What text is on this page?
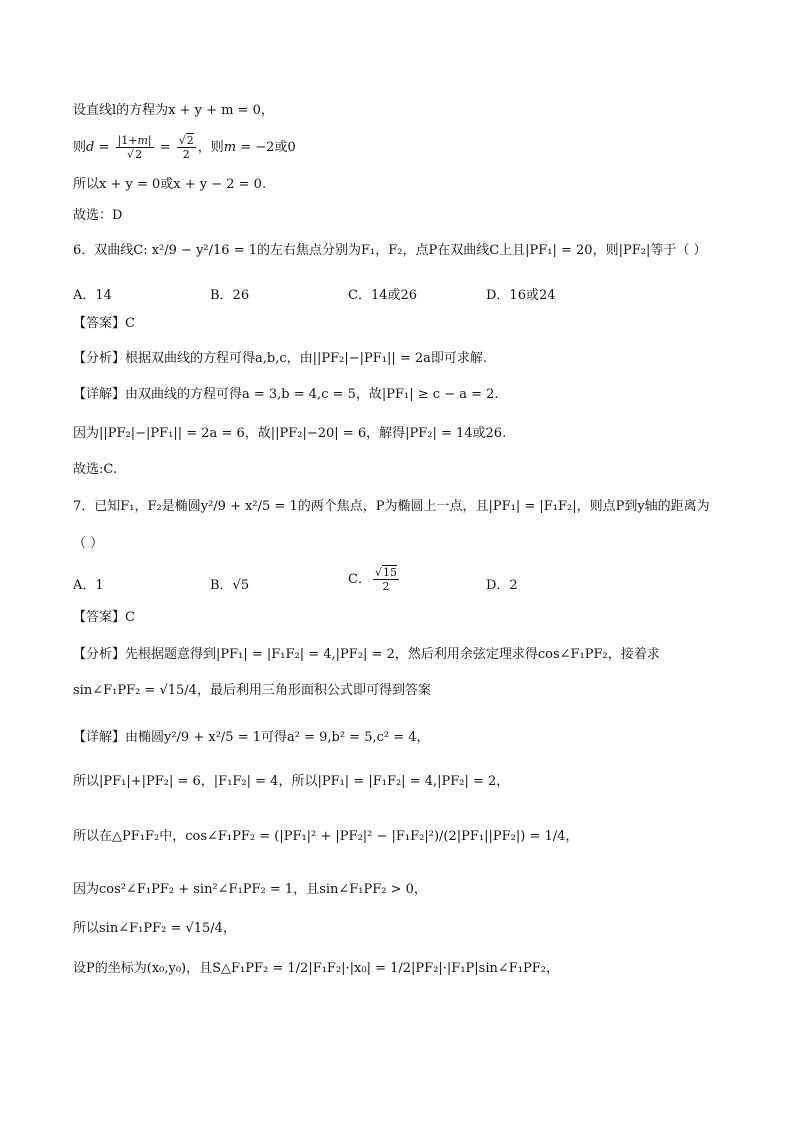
设直线l的方程为x + y + m = 0，
则$d = \frac{|1+m|}{√2} = \frac{√2}{2}$ ，则m = −2或0
所以x + y = 0或x + y − 2 = 0.
故选：D
6．双曲线C: x²/9 − y²/16 = 1的左右焦点分别为F₁，F₂，点P在双曲线C上且|PF₁| = 20，则|PF₂|等于（ ）
A．14	B．26	C．14或26	D．16或24
【答案】C
【分析】根据双曲线的方程可得a,b,c，由||PF₂|−|PF₁|| = 2a即可求解.
【详解】由双曲线的方程可得a = 3,b = 4,c = 5，故|PF₁| ≥ c − a = 2.
因为||PF₂|−|PF₁|| = 2a = 6，故||PF₂|−20| = 6，解得|PF₂| = 14或26.
故选:C.
7．已知F₁，F₂是椭圆y²/9 + x²/5 = 1的两个焦点，P为椭圆上一点，且|PF₁| = |F₁F₂|，则点P到y轴的距离为
（ ）
A．1	B．√5	C． $\frac{√15}{2}$	D．2
【答案】C
【分析】先根据题意得到|PF₁| = |F₁F₂| = 4,|PF₂| = 2，然后利用余弦定理求得cos∠F₁PF₂，接着求
sin∠F₁PF₂ = √15/4，最后利用三角形面积公式即可得到答案
【详解】由椭圆y²/9 + x²/5 = 1可得a² = 9,b² = 5,c² = 4，
所以|PF₁|+|PF₂| = 6，|F₁F₂| = 4，所以|PF₁| = |F₁F₂| = 4,|PF₂| = 2，
所以在△PF₁F₂中，cos∠F₁PF₂ = (|PF₁|² + |PF₂|² − |F₁F₂|²)/(2|PF₁||PF₂|) = 1/4，
因为cos²∠F₁PF₂ + sin²∠F₁PF₂ = 1，且sin∠F₁PF₂ > 0，
所以sin∠F₁PF₂ = √15/4，
设P的坐标为(x₀,y₀)，且S△F₁PF₂ = 1/2|F₁F₂|·|x₀| = 1/2|PF₂|·|F₁P|sin∠F₁PF₂，
